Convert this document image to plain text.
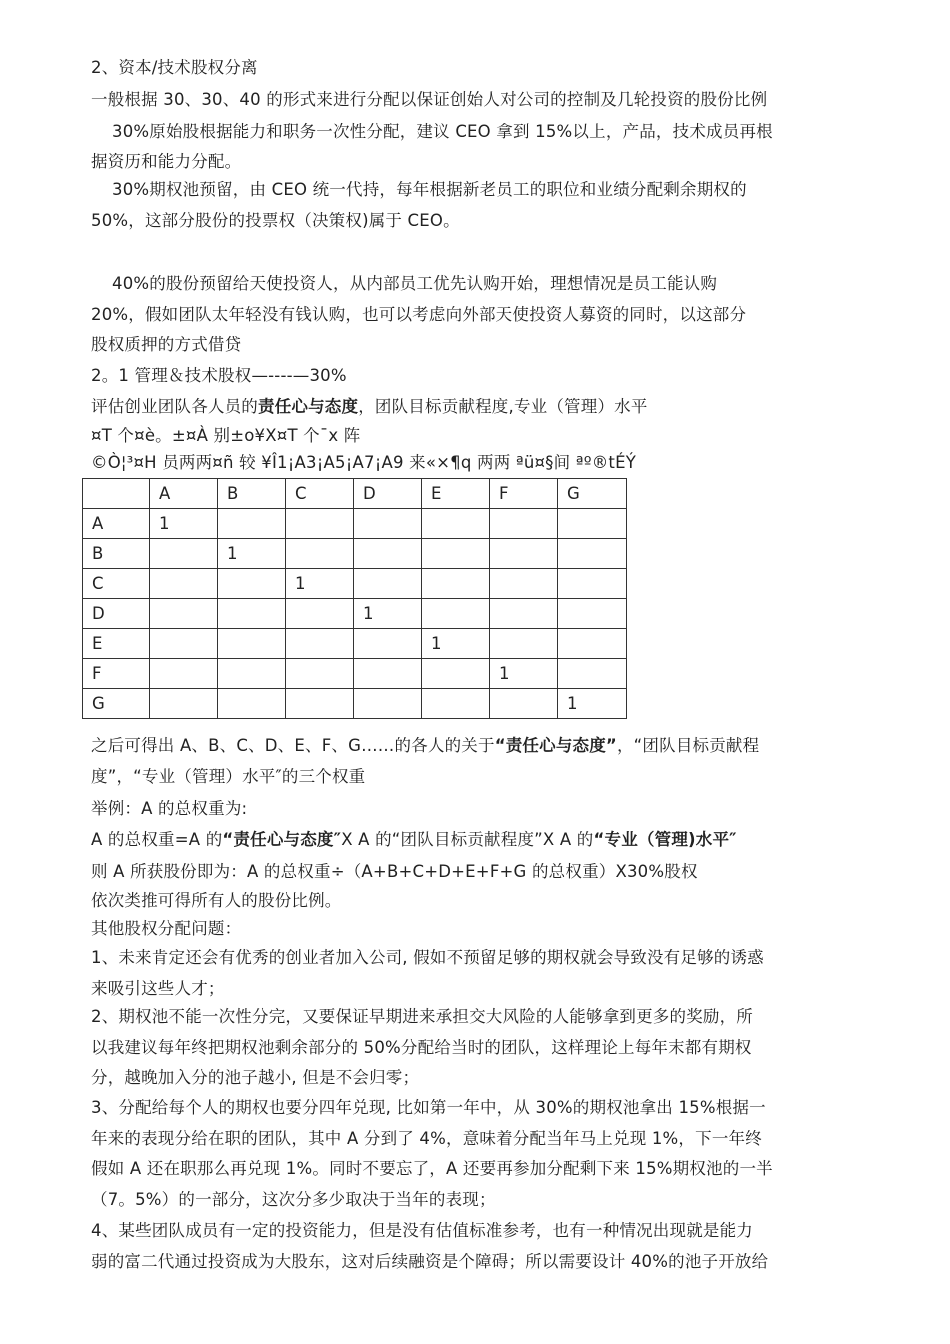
2、资本/技术股权分离
一般根据 30、30、40 的形式来进行分配以保证创始人对公司的控制及几轮投资的股份比例
30%原始股根据能力和职务一次性分配，建议 CEO 拿到 15%以上，产品，技术成员再根
据资历和能力分配。
30%期权池预留，由 CEO 统一代持，每年根据新老员工的职位和业绩分配剩余期权的
50%，这部分股份的投票权（决策权)属于 CEO。
40%的股份预留给天使投资人，从内部员工优先认购开始，理想情况是员工能认购
20%，假如团队太年轻没有钱认购，也可以考虑向外部天使投资人募资的同时，以这部分
股权质押的方式借贷
2。1 管理＆技术股权—----—30%
评估创业团队各人员的责任心与态度，团队目标贡献程度,专业（管理）水平
¤T 个¤è。±¤À 别±o¥X¤T 个¯x 阵
©Ò¦³¤H 员两两¤ñ 较 ¥Î1¡A3¡A5¡A7¡A9 来«×¶q 两两 ªü¤§间 ªº®tÉÝ
	A	B	C	D	E	F	G
A	1						
B		1					
C			1				
D				1			
E					1		
F						1	
G							1
之后可得出 A、B、C、D、E、F、G……的各人的关于“责任心与态度”，“团队目标贡献程
度”，“专业（管理）水平″的三个权重
举例：A 的总权重为:
A 的总权重=A 的“责任心与态度″X A 的“团队目标贡献程度”X A 的“专业（管理)水平″
则 A 所获股份即为：A 的总权重÷（A+B+C+D+E+F+G 的总权重）X30%股权
依次类推可得所有人的股份比例。
其他股权分配问题：
1、未来肯定还会有优秀的创业者加入公司, 假如不预留足够的期权就会导致没有足够的诱惑
来吸引这些人才；
2、期权池不能一次性分完，又要保证早期进来承担交大风险的人能够拿到更多的奖励，所
以我建议每年终把期权池剩余部分的 50%分配给当时的团队，这样理论上每年末都有期权
分，越晚加入分的池子越小, 但是不会归零；
3、分配给每个人的期权也要分四年兑现, 比如第一年中，从 30%的期权池拿出 15%根据一
年来的表现分给在职的团队，其中 A 分到了 4%，意味着分配当年马上兑现 1%，下一年终
假如 A 还在职那么再兑现 1%。同时不要忘了，A 还要再参加分配剩下来 15%期权池的一半
（7。5%）的一部分，这次分多少取决于当年的表现；
4、某些团队成员有一定的投资能力，但是没有估值标准参考，也有一种情况出现就是能力
弱的富二代通过投资成为大股东，这对后续融资是个障碍；所以需要设计 40%的池子开放给
